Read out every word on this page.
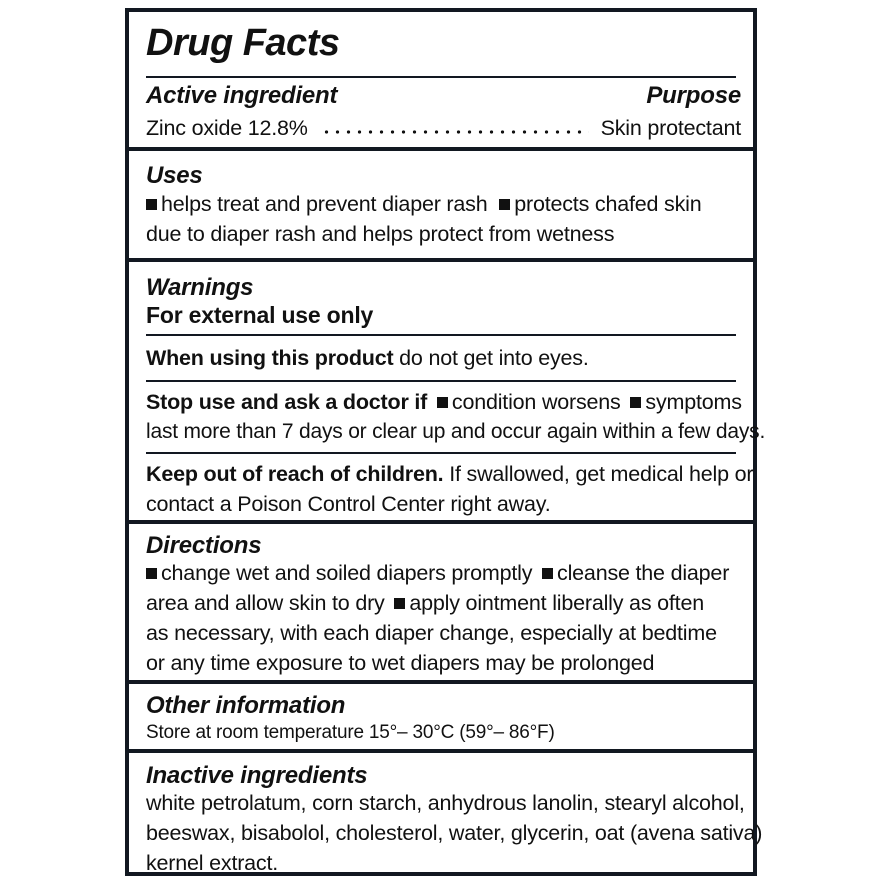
Drug Facts
Active ingredient	Purpose
Zinc oxide 12.8%	Skin protectant
Uses
helps treat and prevent diaper rash protects chafed skin
due to diaper rash and helps protect from wetness
Warnings
For external use only
When using this product do not get into eyes.
Stop use and ask a doctor if condition worsens symptoms
last more than 7 days or clear up and occur again within a few days.
Keep out of reach of children. If swallowed, get medical help or
contact a Poison Control Center right away.
Directions
change wet and soiled diapers promptly cleanse the diaper
area and allow skin to dry apply ointment liberally as often
as necessary, with each diaper change, especially at bedtime
or any time exposure to wet diapers may be prolonged
Other information
Store at room temperature 15°– 30°C (59°– 86°F)
Inactive ingredients
white petrolatum, corn starch, anhydrous lanolin, stearyl alcohol,
beeswax, bisabolol, cholesterol, water, glycerin, oat (avena sativa)
kernel extract.
